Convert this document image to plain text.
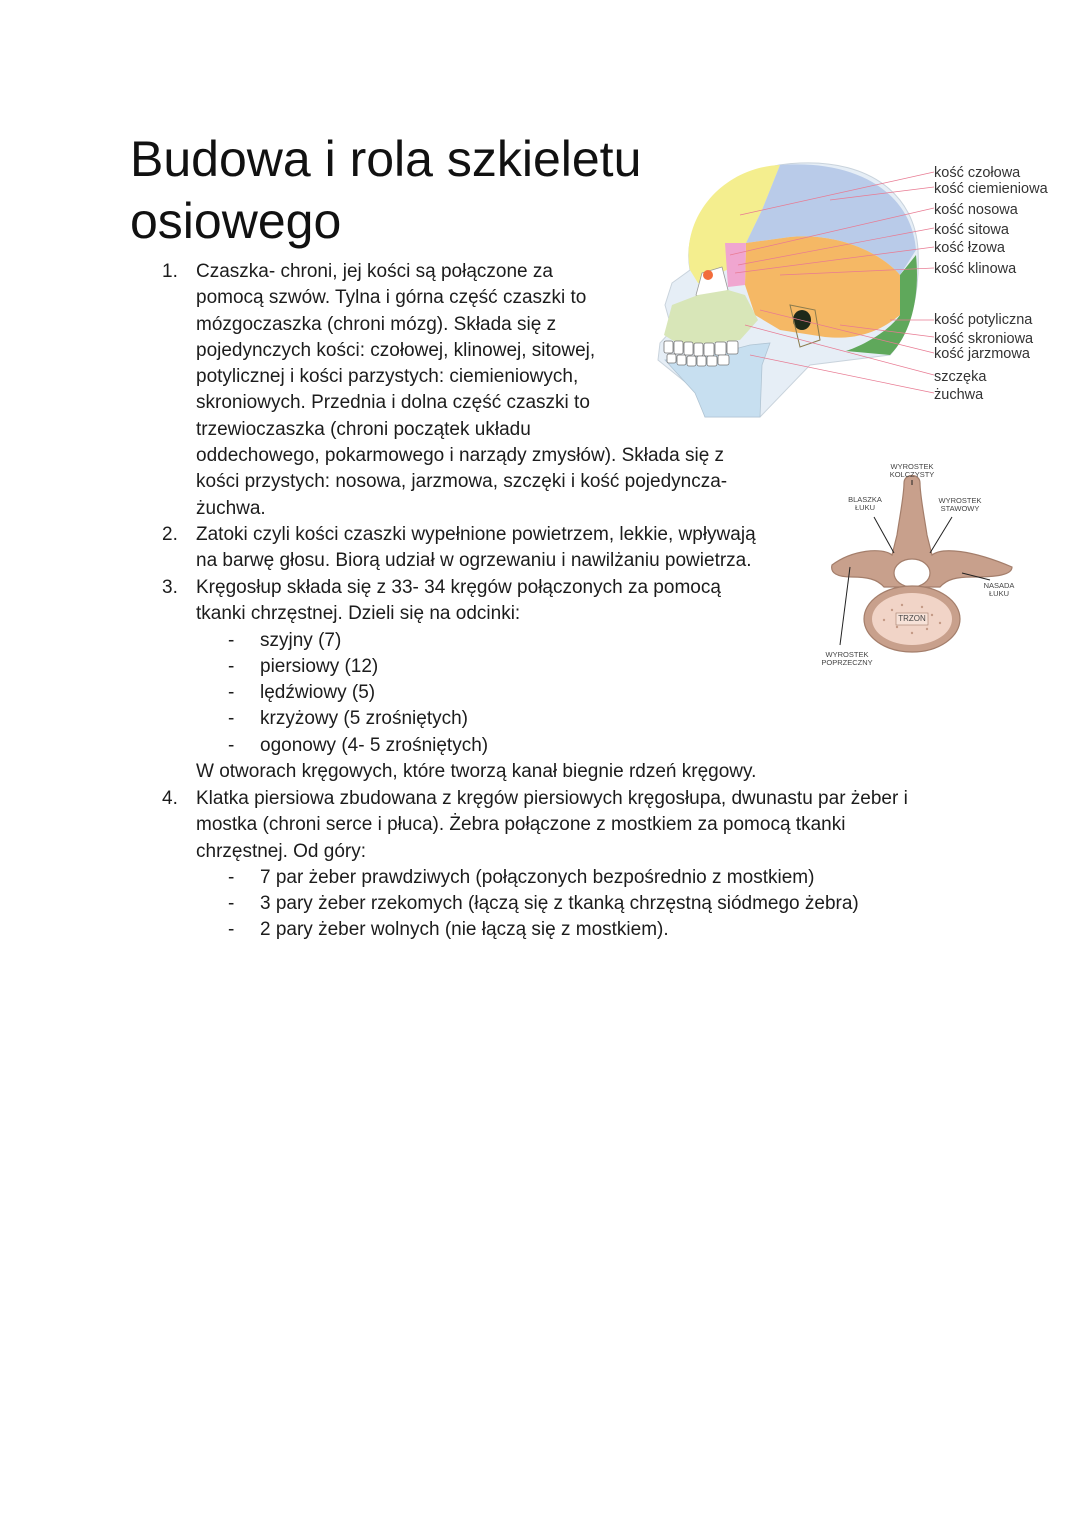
Budowa i rola szkieletu
osiowego
kość czołowa
kość ciemieniowa
kość nosowa
kość sitowa
kość łzowa
kość klinowa
kość potyliczna
kość skroniowa
kość jarzmowa
szczęka
żuchwa
WYROSTEK
KOLCZYSTY
BLASZKA
ŁUKU
WYROSTEK
STAWOWY
NASADA
ŁUKU
TRZON
WYROSTEK
POPRZECZNY
1. Czaszka- chroni, jej kości są połączone za
pomocą szwów. Tylna i górna część czaszki to
mózgoczaszka (chroni mózg). Składa się z
pojedynczych kości: czołowej, klinowej, sitowej,
potylicznej i kości parzystych: ciemieniowych,
skroniowych. Przednia i dolna część czaszki to
trzewioczaszka (chroni początek układu
oddechowego, pokarmowego i narządy zmysłów). Składa się z
kości przystych: nosowa, jarzmowa, szczęki i kość pojedyncza-
żuchwa.
2. Zatoki czyli kości czaszki wypełnione powietrzem, lekkie, wpływają
na barwę głosu. Biorą udział w ogrzewaniu i nawilżaniu powietrza.
3. Kręgosłup składa się z 33- 34 kręgów połączonych za pomocą
tkanki chrzęstnej. Dzieli się na odcinki:
- szyjny (7)
- piersiowy (12)
- lędźwiowy (5)
- krzyżowy (5 zrośniętych)
- ogonowy (4- 5 zrośniętych)
W otworach kręgowych, które tworzą kanał biegnie rdzeń kręgowy.
4. Klatka piersiowa zbudowana z kręgów piersiowych kręgosłupa, dwunastu par żeber i
mostka (chroni serce i płuca). Żebra połączone z mostkiem za pomocą tkanki
chrzęstnej. Od góry:
- 7 par żeber prawdziwych (połączonych bezpośrednio z mostkiem)
- 3 pary żeber rzekomych (łączą się z tkanką chrzęstną siódmego żebra)
- 2 pary żeber wolnych (nie łączą się z mostkiem).
